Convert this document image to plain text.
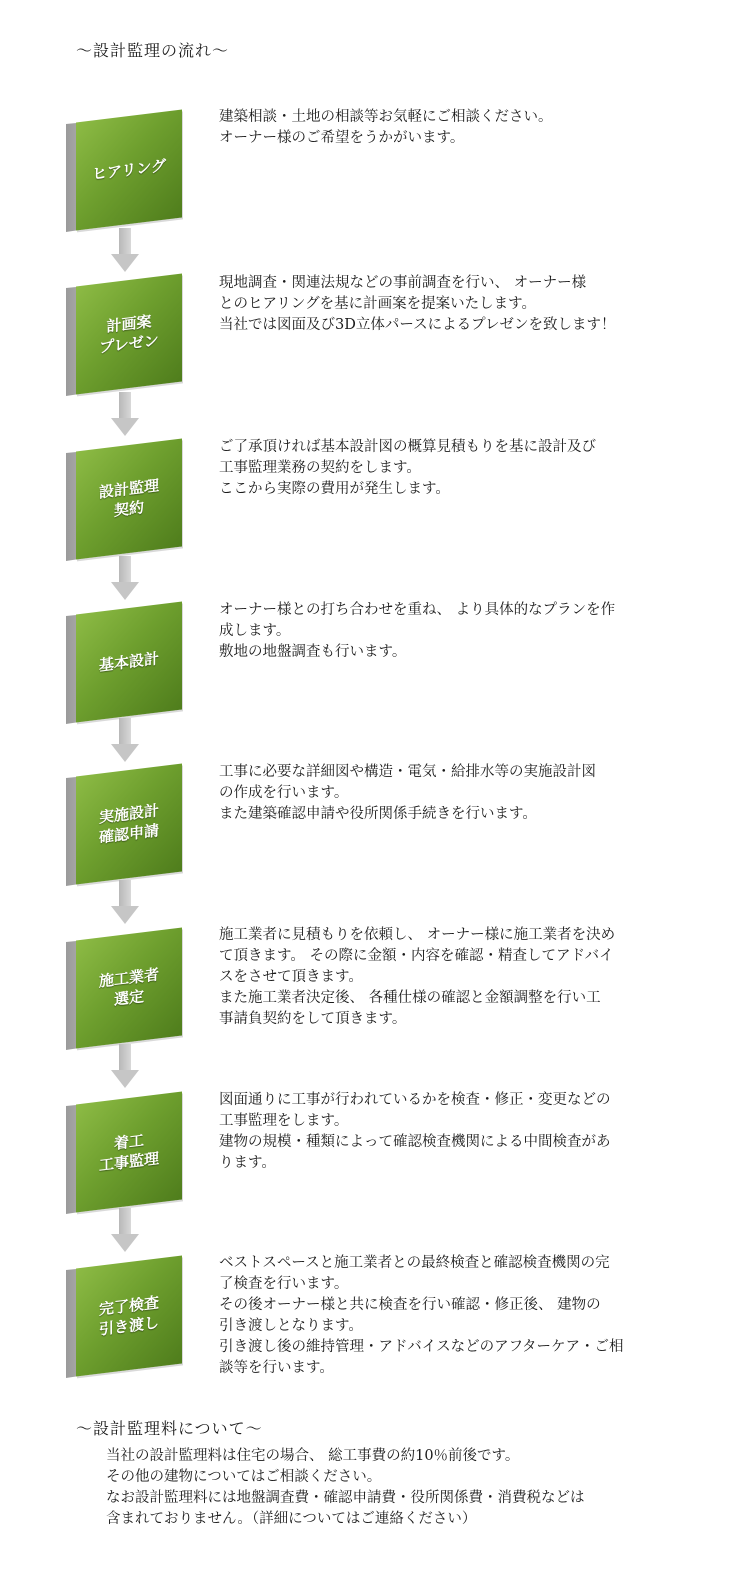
～設計監理の流れ～
ヒアリング
建築相談・土地の相談等お気軽にご相談ください。
オーナー様のご希望をうかがいます。
計画案
プレゼン
現地調査・関連法規などの事前調査を行い、 オーナー様
とのヒアリングを基に計画案を提案いたします。
当社では図面及び3D立体パースによるプレゼンを致します！
設計監理
契約
ご了承頂ければ基本設計図の概算見積もりを基に設計及び
工事監理業務の契約をします。
ここから実際の費用が発生します。
基本設計
オーナー様との打ち合わせを重ね、 より具体的なプランを作
成します。
敷地の地盤調査も行います。
実施設計
確認申請
工事に必要な詳細図や構造・電気・給排水等の実施設計図
の作成を行います。
また建築確認申請や役所関係手続きを行います。
施工業者
選定
施工業者に見積もりを依頼し、 オーナー様に施工業者を決め
て頂きます。 その際に金額・内容を確認・精査してアドバイ
スをさせて頂きます。
また施工業者決定後、 各種仕様の確認と金額調整を行い工
事請負契約をして頂きます。
着工
工事監理
図面通りに工事が行われているかを検査・修正・変更などの
工事監理をします。
建物の規模・種類によって確認検査機関による中間検査があ
ります。
完了検査
引き渡し
ベストスペースと施工業者との最終検査と確認検査機関の完
了検査を行います。
その後オーナー様と共に検査を行い確認・修正後、 建物の
引き渡しとなります。
引き渡し後の維持管理・アドバイスなどのアフターケア・ご相
談等を行います。
～設計監理料について～
当社の設計監理料は住宅の場合、 総工事費の約10％前後です。
その他の建物についてはご相談ください。
なお設計監理料には地盤調査費・確認申請費・役所関係費・消費税などは
含まれておりません。（詳細についてはご連絡ください）
